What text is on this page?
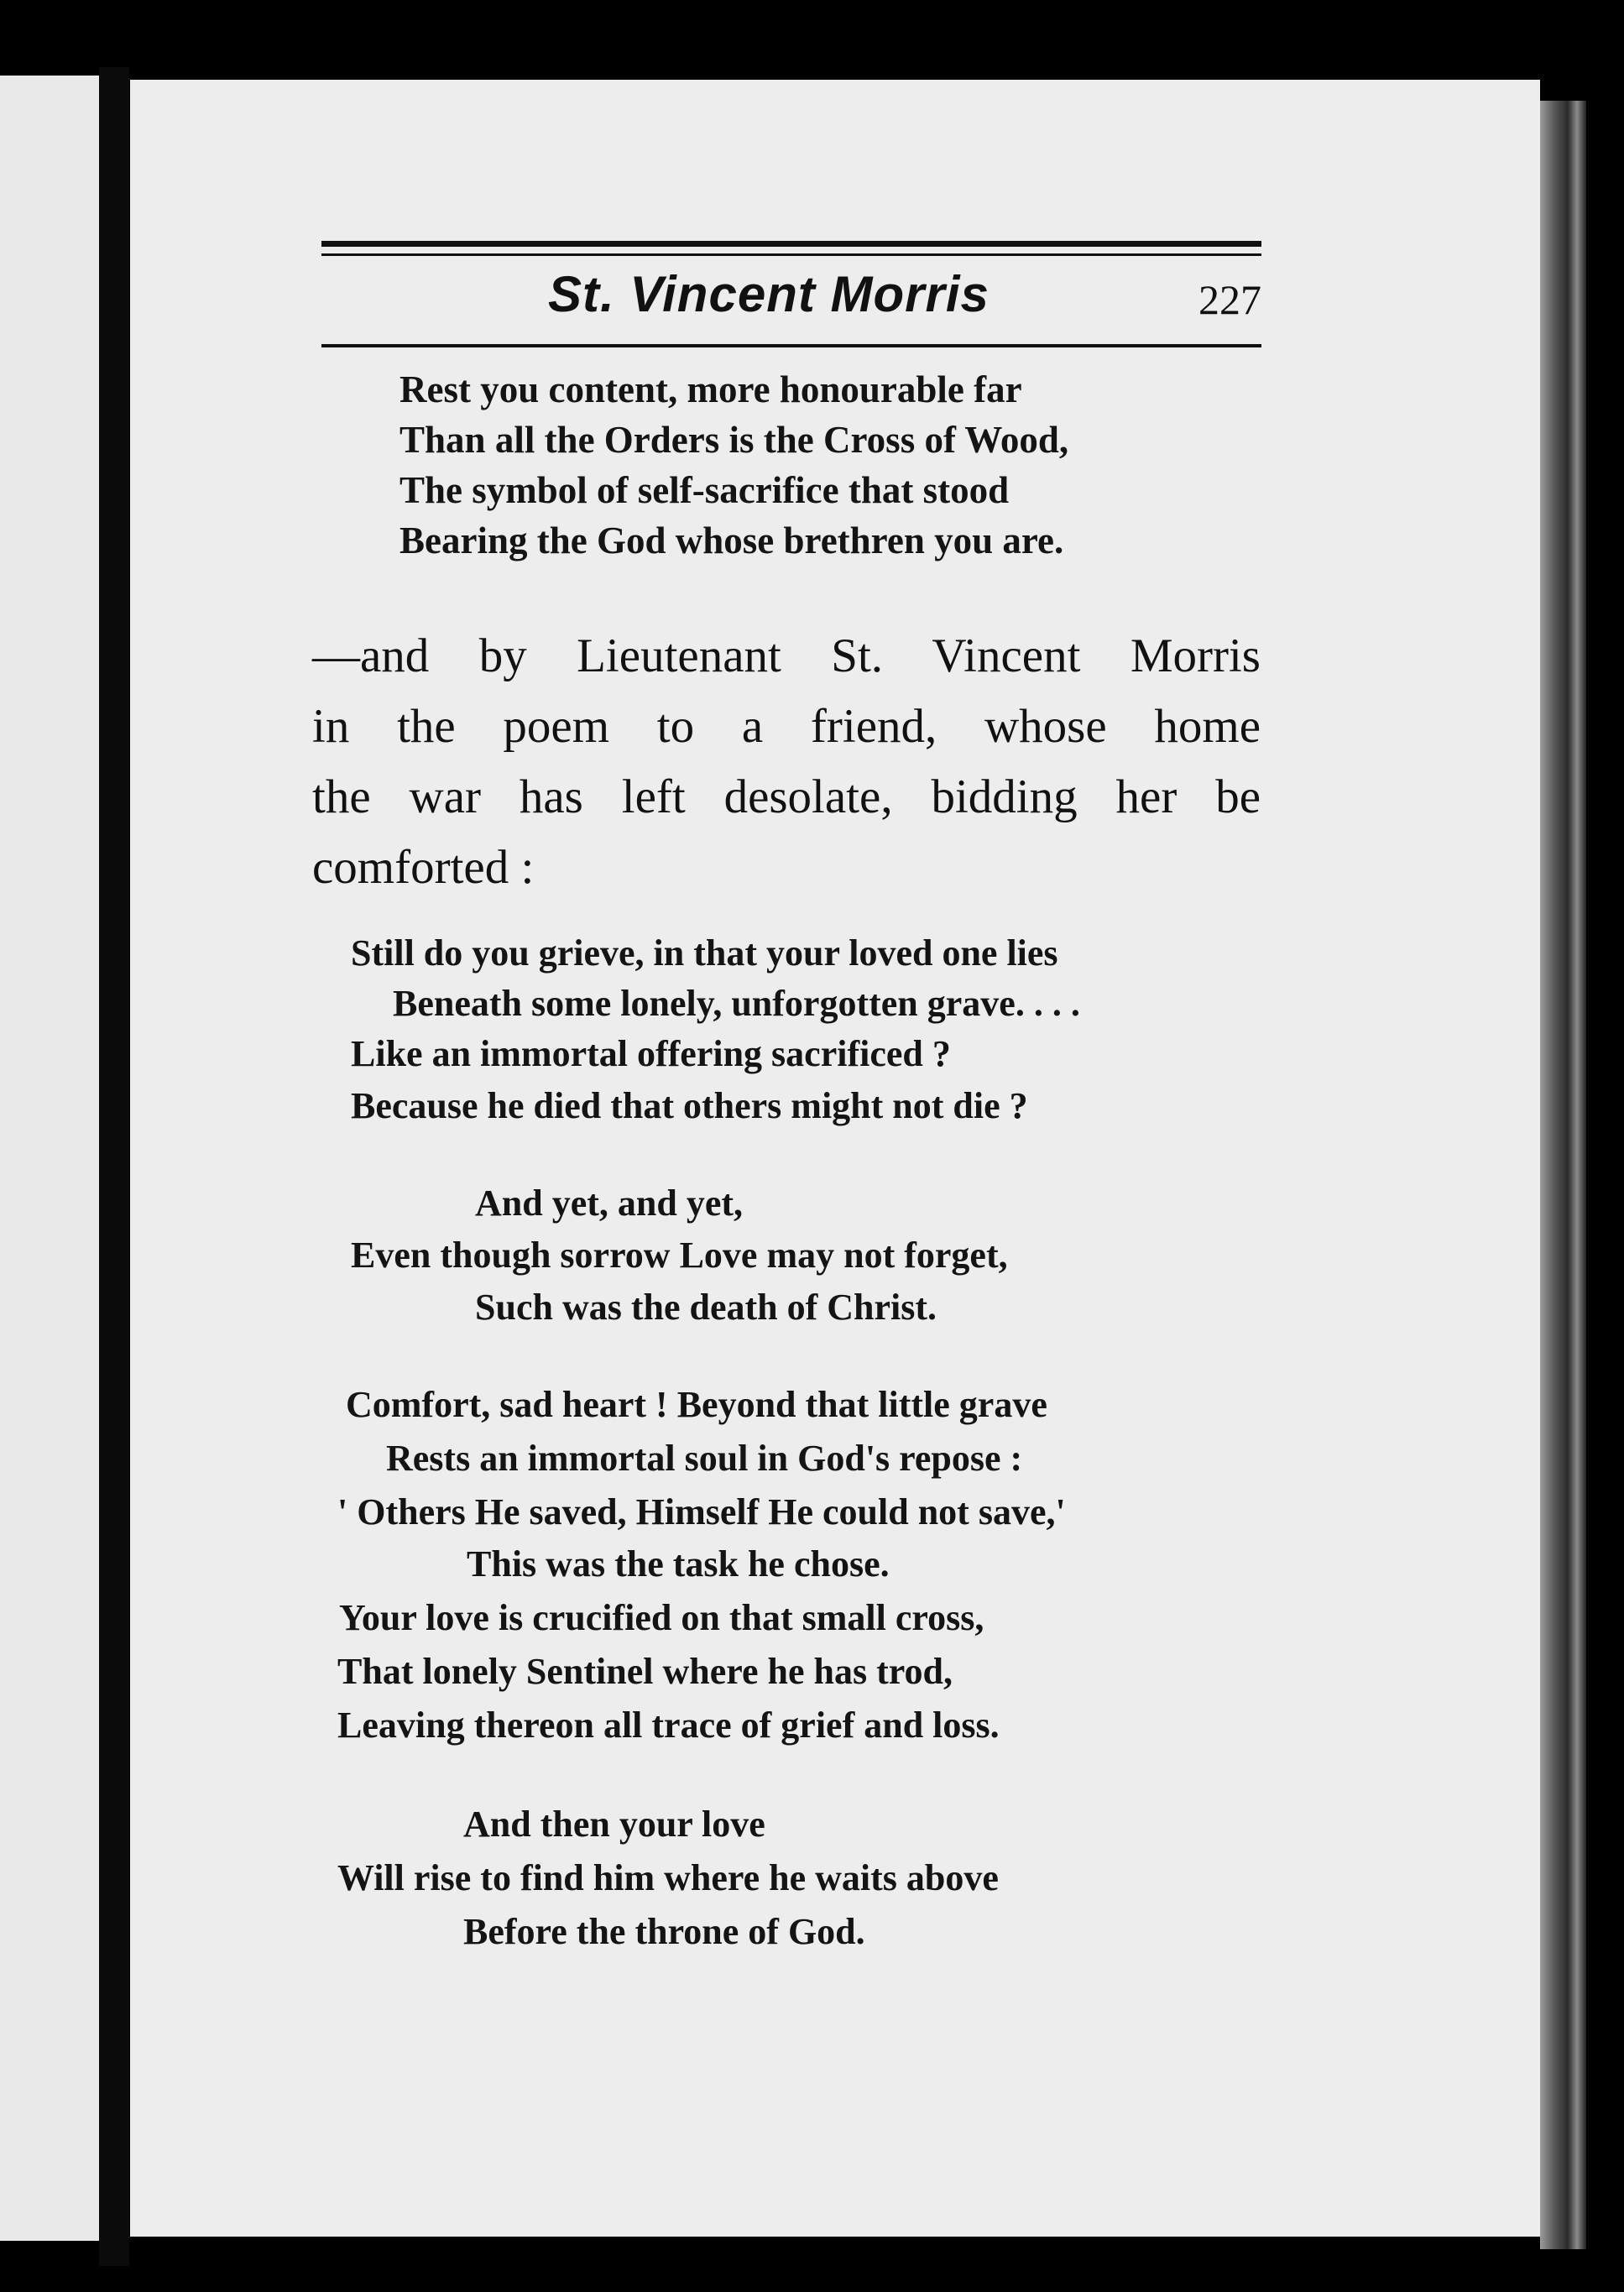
St. Vincent Morris	227
Rest you content, more honourable far
Than all the Orders is the Cross of Wood,
The symbol of self-sacrifice that stood
Bearing the God whose brethren you are.
—and by Lieutenant St. Vincent Morris
in the poem to a friend, whose home
the war has left desolate, bidding her be
comforted :
Still do you grieve, in that your loved one lies
Beneath some lonely, unforgotten grave. . . .
Like an immortal offering sacrificed ?
Because he died that others might not die ?
And yet, and yet,
Even though sorrow Love may not forget,
Such was the death of Christ.
Comfort, sad heart ! Beyond that little grave
Rests an immortal soul in God's repose :
' Others He saved, Himself He could not save,'
This was the task he chose.
Your love is crucified on that small cross,
That lonely Sentinel where he has trod,
Leaving thereon all trace of grief and loss.
And then your love
Will rise to find him where he waits above
Before the throne of God.
